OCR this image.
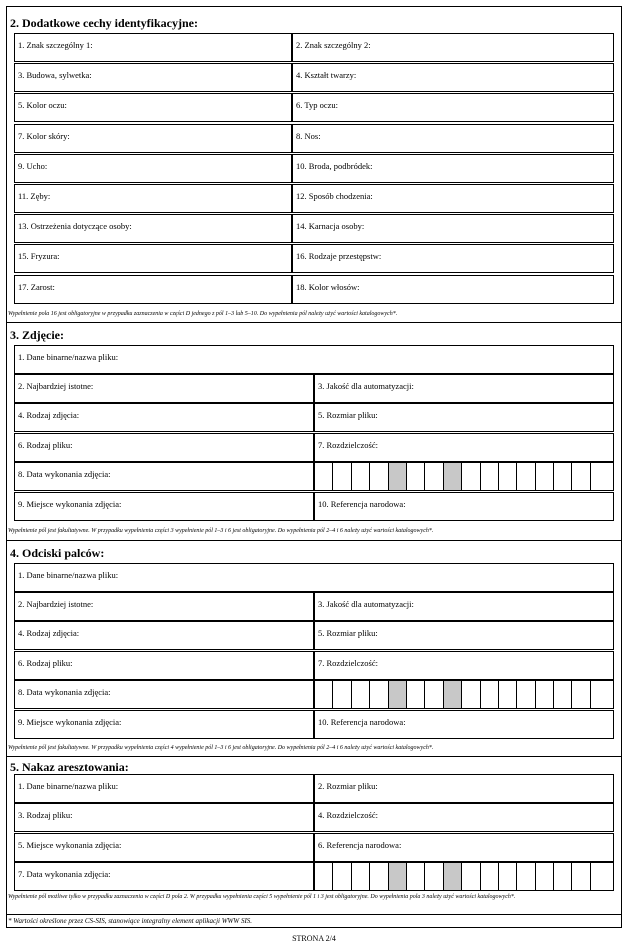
2. Dodatkowe cechy identyfikacyjne:
1. Znak szczególny 1:	2. Znak szczególny 2:
3. Budowa, sylwetka:	4. Kształt twarzy:
5. Kolor oczu:	6. Typ oczu:
7. Kolor skóry:	8. Nos:
9. Ucho:	10. Broda, podbródek:
11. Zęby:	12. Sposób chodzenia:
13. Ostrzeżenia dotyczące osoby:	14. Karnacja osoby:
15. Fryzura:	16. Rodzaje przestępstw:
17. Zarost:	18. Kolor włosów:
Wypełnienie pola 16 jest obligatoryjne w przypadku zaznaczenia w części D jednego z pól 1–3 lub 5–10. Do wypełnienia pól należy użyć wartości katalogowych*.
3. Zdjęcie:
1. Dane binarne/nazwa pliku:
2. Najbardziej istotne:	3. Jakość dla automatyzacji:
4. Rodzaj zdjęcia:	5. Rozmiar pliku:
6. Rodzaj pliku:	7. Rozdzielczość:
8. Data wykonania zdjęcia:
9. Miejsce wykonania zdjęcia:	10. Referencja narodowa:
Wypełnienie pól jest fakultatywne. W przypadku wypełnienia części 3 wypełnienie pól 1–3 i 6 jest obligatoryjne. Do wypełnienia pól 2–4 i 6 należy użyć wartości katalogowych*.
4. Odciski palców:
1. Dane binarne/nazwa pliku:
2. Najbardziej istotne:	3. Jakość dla automatyzacji:
4. Rodzaj zdjęcia:	5. Rozmiar pliku:
6. Rodzaj pliku:	7. Rozdzielczość:
8. Data wykonania zdjęcia:
9. Miejsce wykonania zdjęcia:	10. Referencja narodowa:
Wypełnienie pól jest fakultatywne. W przypadku wypełnienia części 4 wypełnienie pól 1–3 i 6 jest obligatoryjne. Do wypełnienia pól 2–4 i 6 należy użyć wartości katalogowych*.
5. Nakaz aresztowania:
1. Dane binarne/nazwa pliku:	2. Rozmiar pliku:
3. Rodzaj pliku:	4. Rozdzielczość:
5. Miejsce wykonania zdjęcia:	6. Referencja narodowa:
7. Data wykonania zdjęcia:
Wypełnienie pól możliwe tylko w przypadku zaznaczenia w części D pola 2. W przypadku wypełnienia części 5 wypełnienie pól 1 i 3 jest obligatoryjne. Do wypełnienia pola 3 należy użyć wartości katalogowych*.
* Wartości określone przez CS-SIS, stanowiące integralny element aplikacji WWW SIS.
STRONA 2/4
